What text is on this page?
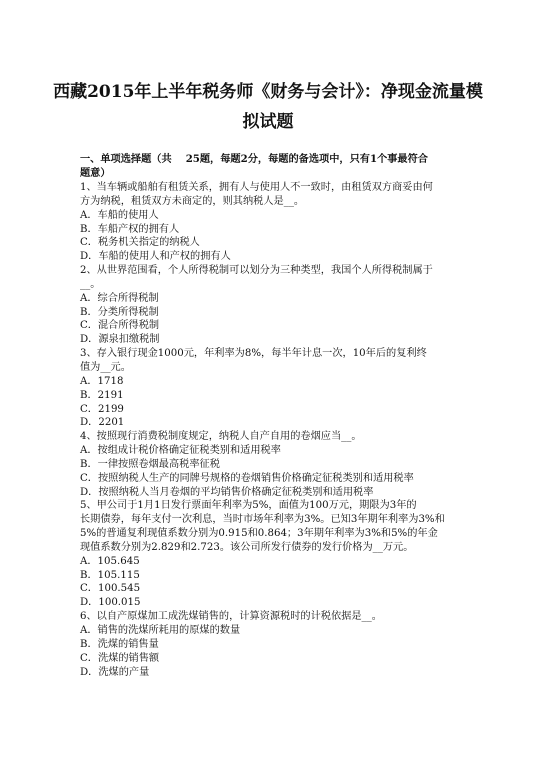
西藏2015年上半年税务师《财务与会计》：净现金流量模
拟试题
一、单项选择题（共 25题，每题2分，每题的备选项中，只有1个事最符合
题意）
1、当车辆或船舶有租赁关系，拥有人与使用人不一致时，由租赁双方商妥由何
方为纳税，租赁双方未商定的，则其纳税人是__。
A．车船的使用人
B．车船产权的拥有人
C．税务机关指定的纳税人
D．车船的使用人和产权的拥有人
2、从世界范围看，个人所得税制可以划分为三种类型，我国个人所得税制属于
__。
A．综合所得税制
B．分类所得税制
C．混合所得税制
D．源泉扣缴税制
3、存入银行现金1000元，年利率为8%，每半年计息一次，10年后的复利终
值为__元。
A．1718
B．2191
C．2199
D．2201
4、按照现行消费税制度规定，纳税人自产自用的卷烟应当__。
A．按组成计税价格确定征税类别和适用税率
B．一律按照卷烟最高税率征税
C．按照纳税人生产的同牌号规格的卷烟销售价格确定征税类别和适用税率
D．按照纳税人当月卷烟的平均销售价格确定征税类别和适用税率
5、甲公司于1月1日发行票面年利率为5%，面值为100万元，期限为3年的
长期债券，每年支付一次利息，当时市场年利率为3%。已知3年期年利率为3%和
5%的普通复利现值系数分别为0.915和0.864；3年期年利率为3%和5%的年金
现值系数分别为2.829和2.723。该公司所发行债券的发行价格为__万元。
A．105.645
B．105.115
C．100.545
D．100.015
6、以自产原煤加工成洗煤销售的，计算资源税时的计税依据是__。
A．销售的洗煤所耗用的原煤的数量
B．洗煤的销售量
C．洗煤的销售额
D．洗煤的产量
